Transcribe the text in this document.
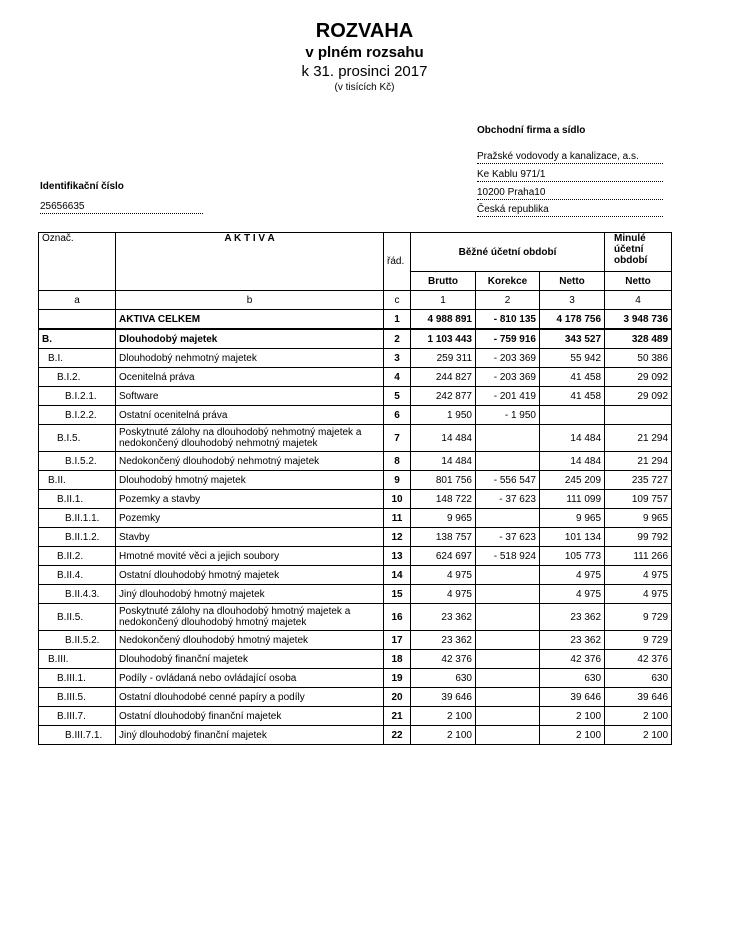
ROZVAHA
v plném rozsahu
k 31. prosinci 2017
(v tisících Kč)
Obchodní firma a sídlo
Pražské vodovody a kanalizace, a.s.
Ke Kablu 971/1
10200 Praha10
Česká republika
Identifikační číslo
25656635
Označ.	A K T I V A	řád.	Běžné účetní období			Minulé účetní období
			Brutto	Korekce	Netto	Netto
a	b	c	1	2	3	4
	AKTIVA CELKEM	1	4 988 891	- 810 135	4 178 756	3 948 736
B.	Dlouhodobý majetek	2	1 103 443	- 759 916	343 527	328 489
B.I.	Dlouhodobý nehmotný majetek	3	259 311	- 203 369	55 942	50 386
B.I.2.	Ocenitelná práva	4	244 827	- 203 369	41 458	29 092
B.I.2.1.	Software	5	242 877	- 201 419	41 458	29 092
B.I.2.2.	Ostatní ocenitelná práva	6	1 950	- 1 950		
B.I.5.	Poskytnuté zálohy na dlouhodobý nehmotný majetek a nedokončený dlouhodobý nehmotný majetek	7	14 484		14 484	21 294
B.I.5.2.	Nedokončený dlouhodobý nehmotný majetek	8	14 484		14 484	21 294
B.II.	Dlouhodobý hmotný majetek	9	801 756	- 556 547	245 209	235 727
B.II.1.	Pozemky a stavby	10	148 722	- 37 623	111 099	109 757
B.II.1.1.	Pozemky	11	9 965		9 965	9 965
B.II.1.2.	Stavby	12	138 757	- 37 623	101 134	99 792
B.II.2.	Hmotné movité věci a jejich soubory	13	624 697	- 518 924	105 773	111 266
B.II.4.	Ostatní dlouhodobý hmotný majetek	14	4 975		4 975	4 975
B.II.4.3.	Jiný dlouhodobý hmotný majetek	15	4 975		4 975	4 975
B.II.5.	Poskytnuté zálohy na dlouhodobý hmotný majetek a nedokončený dlouhodobý hmotný majetek	16	23 362		23 362	9 729
B.II.5.2.	Nedokončený dlouhodobý hmotný majetek	17	23 362		23 362	9 729
B.III.	Dlouhodobý finanční majetek	18	42 376		42 376	42 376
B.III.1.	Podíly - ovládaná nebo ovládající osoba	19	630		630	630
B.III.5.	Ostatní dlouhodobé cenné papíry a podíly	20	39 646		39 646	39 646
B.III.7.	Ostatní dlouhodobý finanční majetek	21	2 100		2 100	2 100
B.III.7.1.	Jiný dlouhodobý finanční majetek	22	2 100		2 100	2 100
